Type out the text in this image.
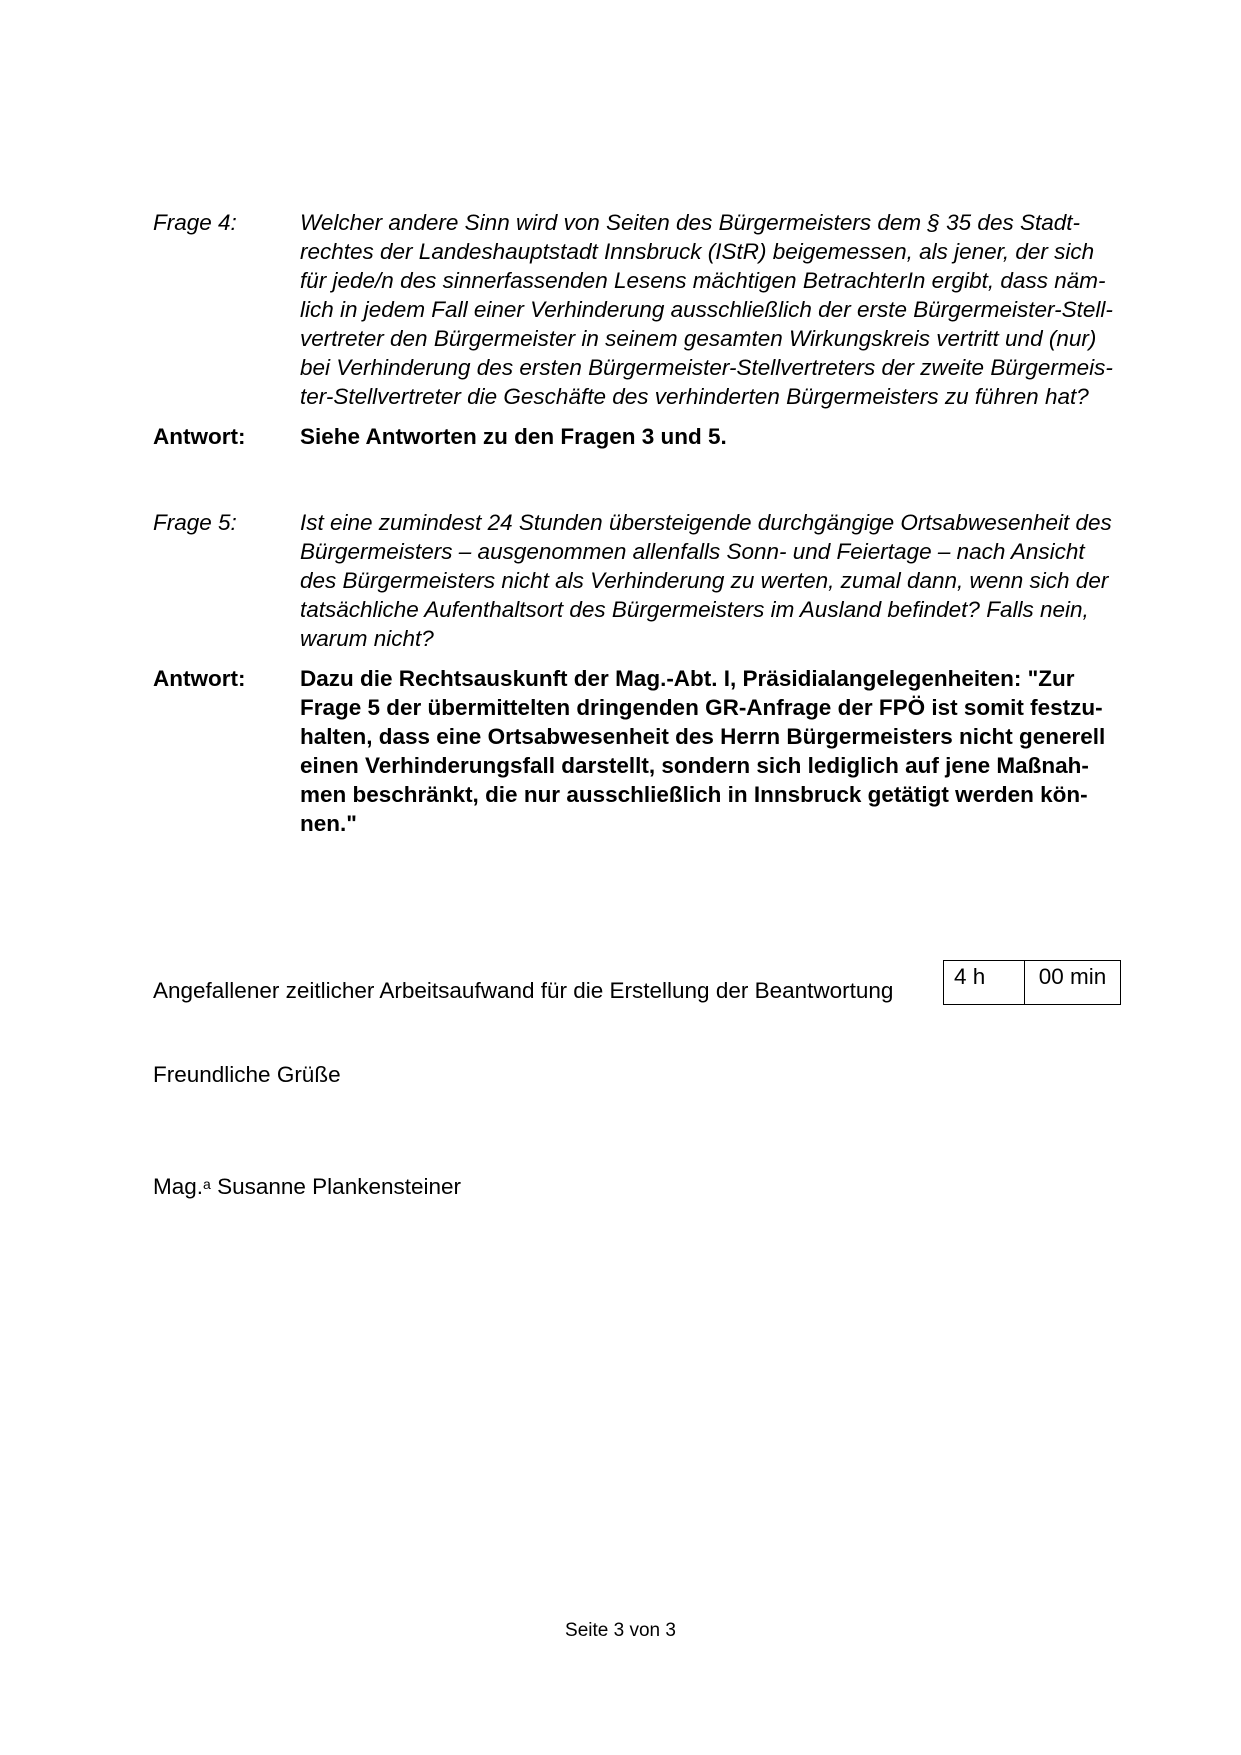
Frage 4:	Welcher andere Sinn wird von Seiten des Bürgermeisters dem § 35 des Stadt-
rechtes der Landeshauptstadt Innsbruck (IStR) beigemessen, als jener, der sich
für jede/n des sinnerfassenden Lesens mächtigen BetrachterIn ergibt, dass näm-
lich in jedem Fall einer Verhinderung ausschließlich der erste Bürgermeister-Stell-
vertreter den Bürgermeister in seinem gesamten Wirkungskreis vertritt und (nur)
bei Verhinderung des ersten Bürgermeister-Stellvertreters der zweite Bürgermeis-
ter-Stellvertreter die Geschäfte des verhinderten Bürgermeisters zu führen hat?
Antwort:	Siehe Antworten zu den Fragen 3 und 5.
Frage 5:	Ist eine zumindest 24 Stunden übersteigende durchgängige Ortsabwesenheit des
Bürgermeisters – ausgenommen allenfalls Sonn- und Feiertage – nach Ansicht
des Bürgermeisters nicht als Verhinderung zu werten, zumal dann, wenn sich der
tatsächliche Aufenthaltsort des Bürgermeisters im Ausland befindet? Falls nein,
warum nicht?
Antwort:	Dazu die Rechtsauskunft der Mag.-Abt. I, Präsidialangelegenheiten: "Zur
Frage 5 der übermittelten dringenden GR-Anfrage der FPÖ ist somit festzu-
halten, dass eine Ortsabwesenheit des Herrn Bürgermeisters nicht generell
einen Verhinderungsfall darstellt, sondern sich lediglich auf jene Maßnah-
men beschränkt, die nur ausschließlich in Innsbruck getätigt werden kön-
nen."
Angefallener zeitlicher Arbeitsaufwand für die Erstellung der Beantwortung
4 h	00 min
Freundliche Grüße
Mag.$^a$ Susanne Plankensteiner
Seite 3 von 3
